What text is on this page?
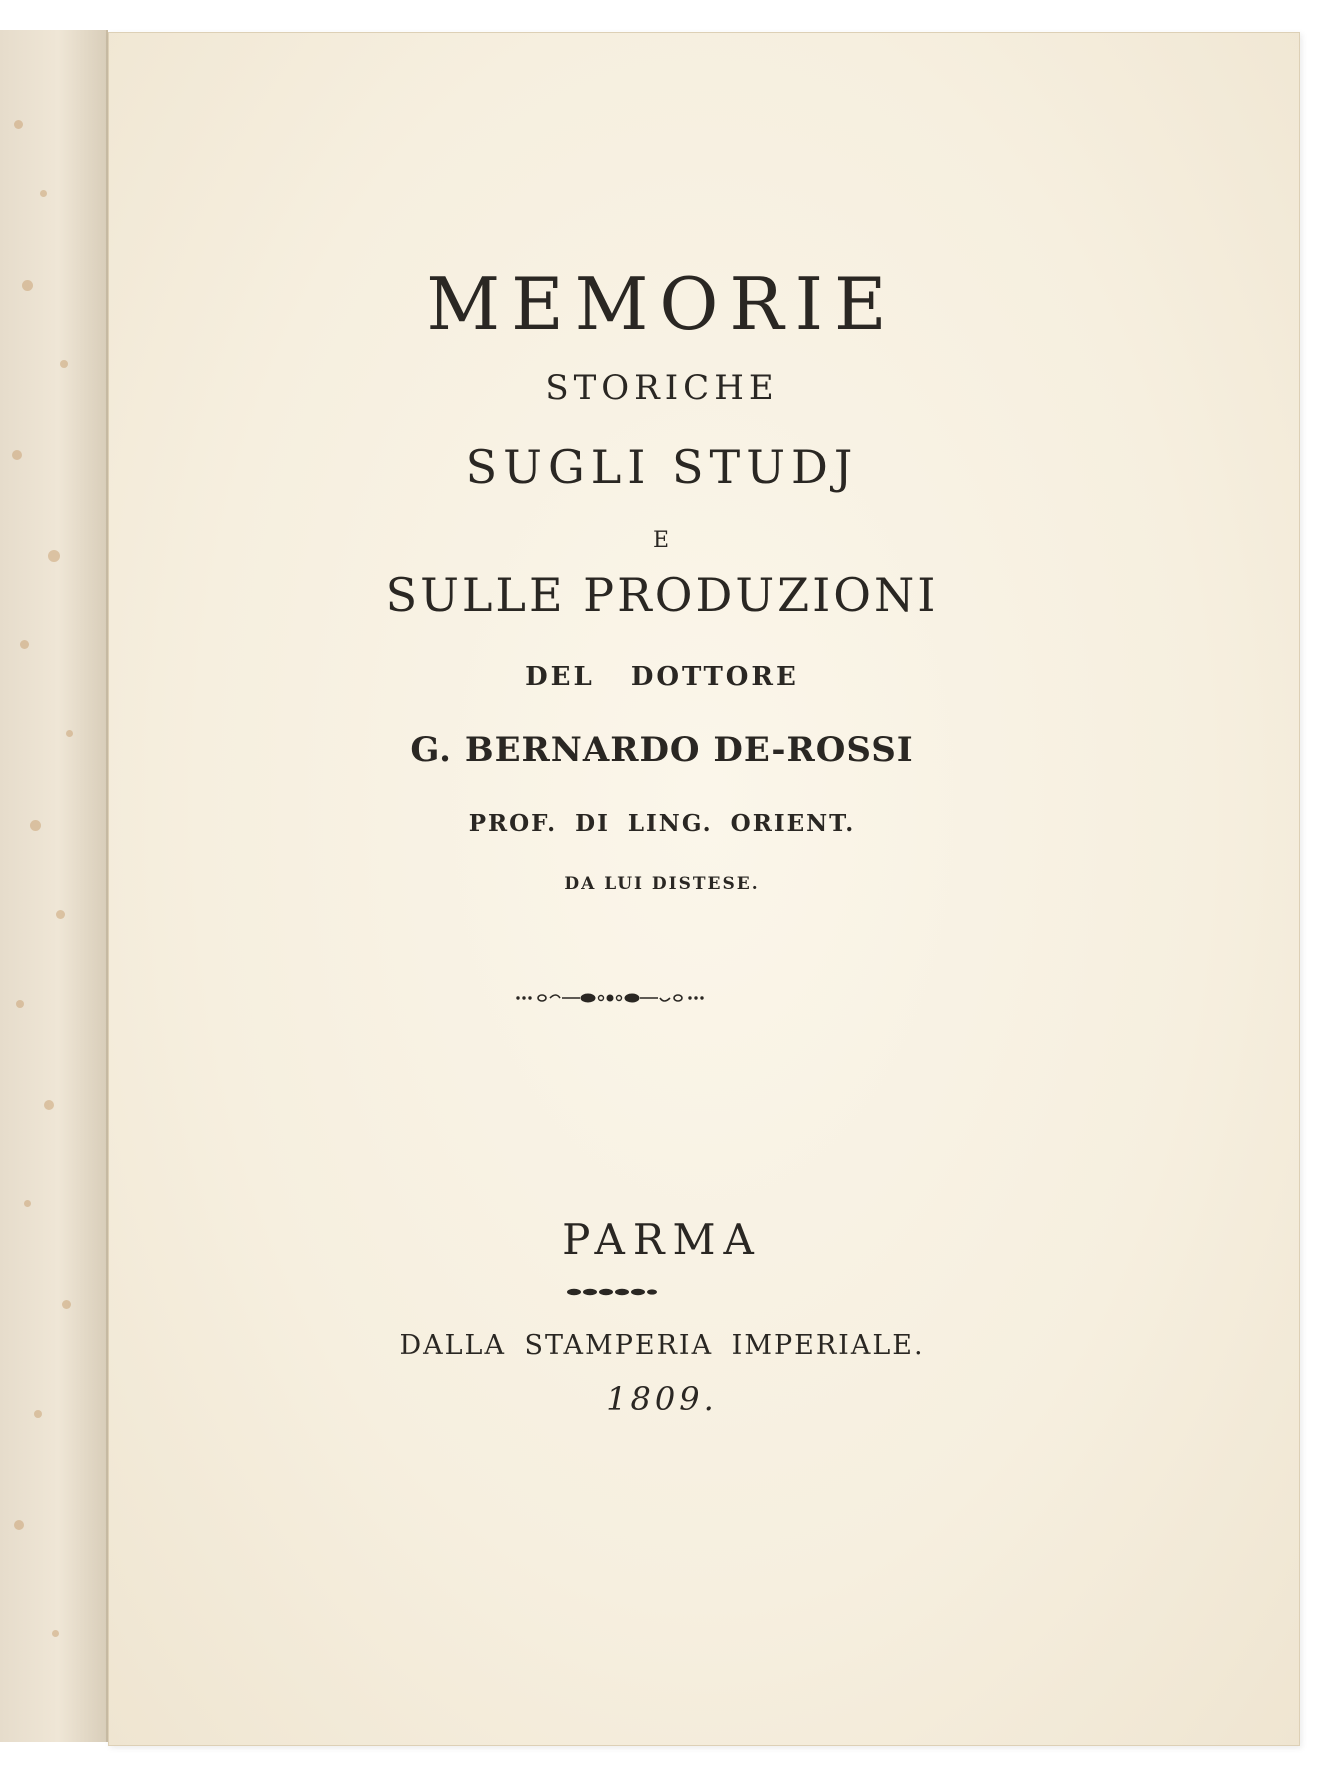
MEMORIE
STORICHE
SUGLI STUDJ
E
SULLE PRODUZIONI
DEL DOTTORE
G. BERNARDO DE-ROSSI
PROF. DI LING. ORIENT.
DA LUI DISTESE.
PARMA
DALLA STAMPERIA IMPERIALE.
1809.
